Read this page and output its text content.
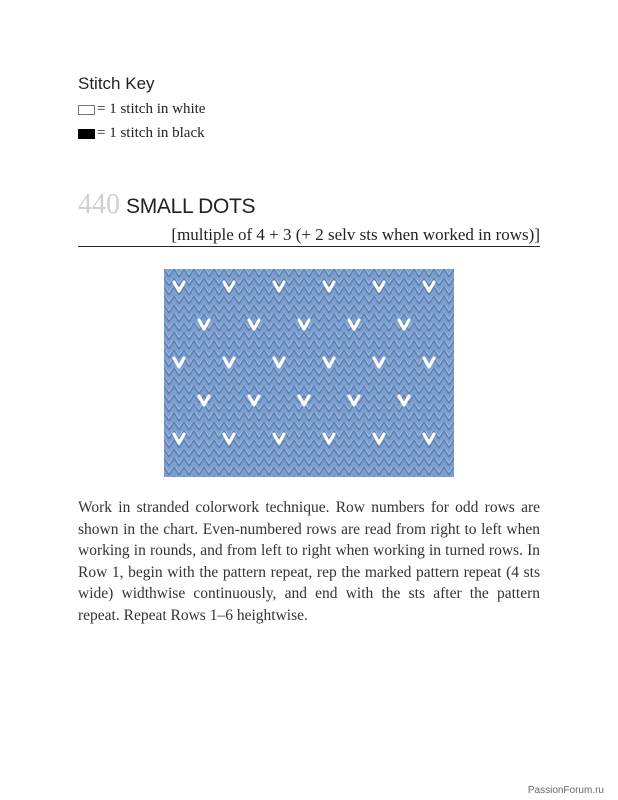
Stitch Key
= 1 stitch in white
= 1 stitch in black
440 SMALL DOTS
[multiple of 4 + 3 (+ 2 selv sts when worked in rows)]
Work in stranded colorwork technique. Row numbers for odd rows are shown in the chart. Even-numbered rows are read from right to left when working in rounds, and from left to right when working in turned rows. In Row 1, begin with the pattern repeat, rep the marked pattern repeat (4 sts wide) widthwise continuously, and end with the sts after the pattern repeat. Repeat Rows 1–6 heightwise.
PassionForum.ru
